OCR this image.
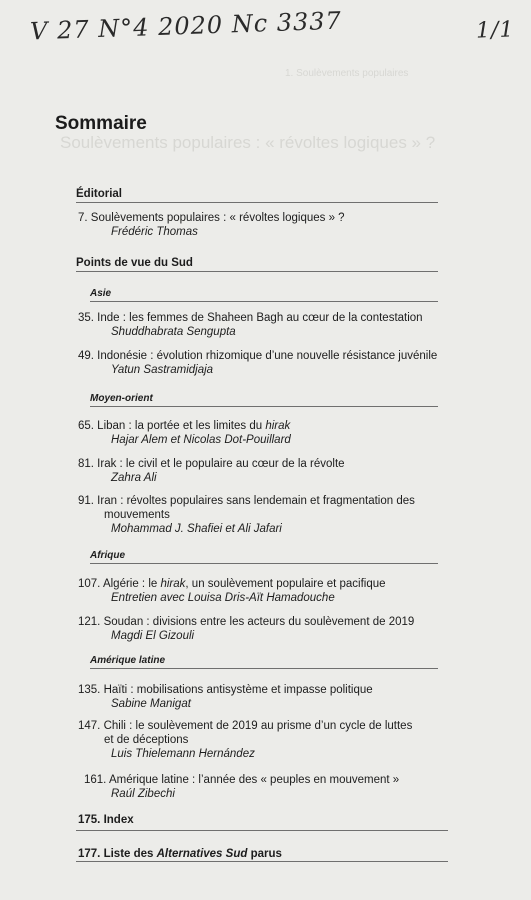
V 27 N°4 2020 Nc 3337	1/1
Soulèvements populaires : « révoltes logiques » ?
1. Soulèvements populaires
Sommaire
Éditorial
7. Soulèvements populaires : « révoltes logiques » ?
Frédéric Thomas
Points de vue du Sud
Asie
35. Inde : les femmes de Shaheen Bagh au cœur de la contestation
Shuddhabrata Sengupta
49. Indonésie : évolution rhizomique d’une nouvelle résistance juvénile
Yatun Sastramidjaja
Moyen-orient
65. Liban : la portée et les limites du hirak
Hajar Alem et Nicolas Dot-Pouillard
81. Irak : le civil et le populaire au cœur de la révolte
Zahra Ali
91. Iran : révoltes populaires sans lendemain et fragmentation des
mouvements
Mohammad J. Shafiei et Ali Jafari
Afrique
107. Algérie : le hirak, un soulèvement populaire et pacifique
Entretien avec Louisa Dris-Aït Hamadouche
121. Soudan : divisions entre les acteurs du soulèvement de 2019
Magdi El Gizouli
Amérique latine
135. Haïti : mobilisations antisystème et impasse politique
Sabine Manigat
147. Chili : le soulèvement de 2019 au prisme d’un cycle de luttes
et de déceptions
Luis Thielemann Hernández
161. Amérique latine : l’année des « peuples en mouvement »
Raúl Zibechi
175. Index
177. Liste des Alternatives Sud parus
